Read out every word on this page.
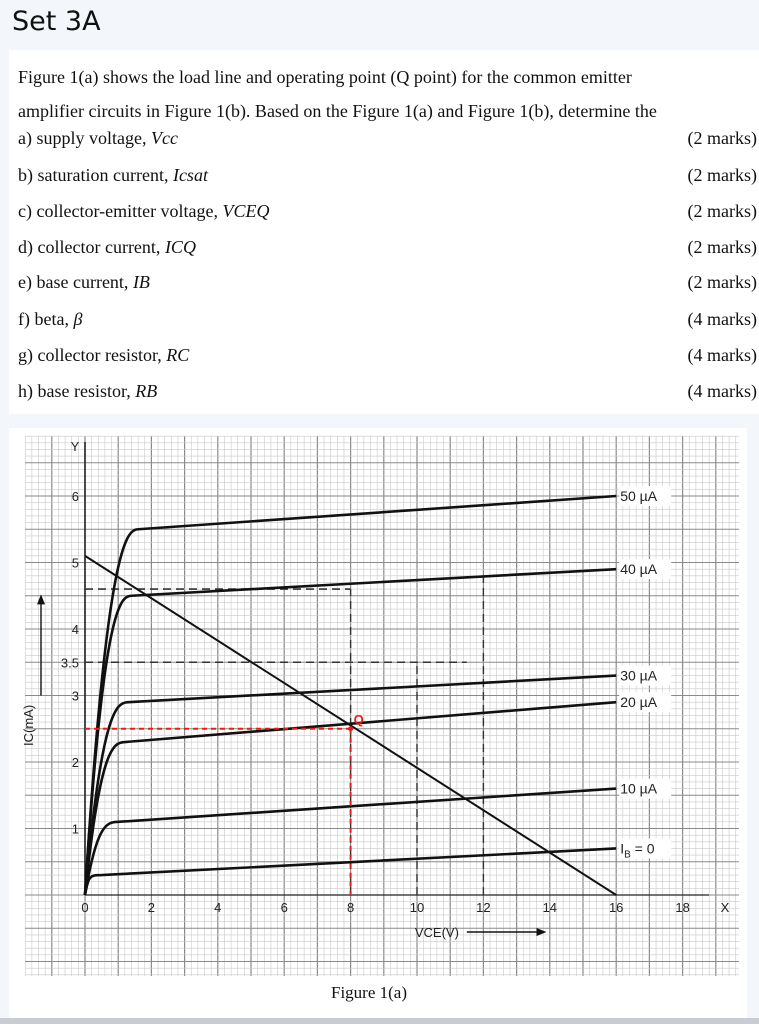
Set 3A
Figure 1(a) shows the load line and operating point (Q point) for the common emitter
amplifier circuits in Figure 1(b). Based on the Figure 1(a) and Figure 1(b), determine the
a) supply voltage, Vcc	(2 marks)
b) saturation current, Icsat	(2 marks)
c) collector-emitter voltage, VCEQ	(2 marks)
d) collector current, ICQ	(2 marks)
e) base current, IB	(2 marks)
f) beta, β	(4 marks)
g) collector resistor, RC	(4 marks)
h) base resistor, RB	(4 marks)
0	2	4	6	8	10	12	14	16	18
1
2
3
4
5
6
3.5
Y
X
IC(mA)
VCE(V)
$I_B = 0$
10 µA
20 µA
30 µA
40 µA
50 µA
Q
Figure 1(a)
